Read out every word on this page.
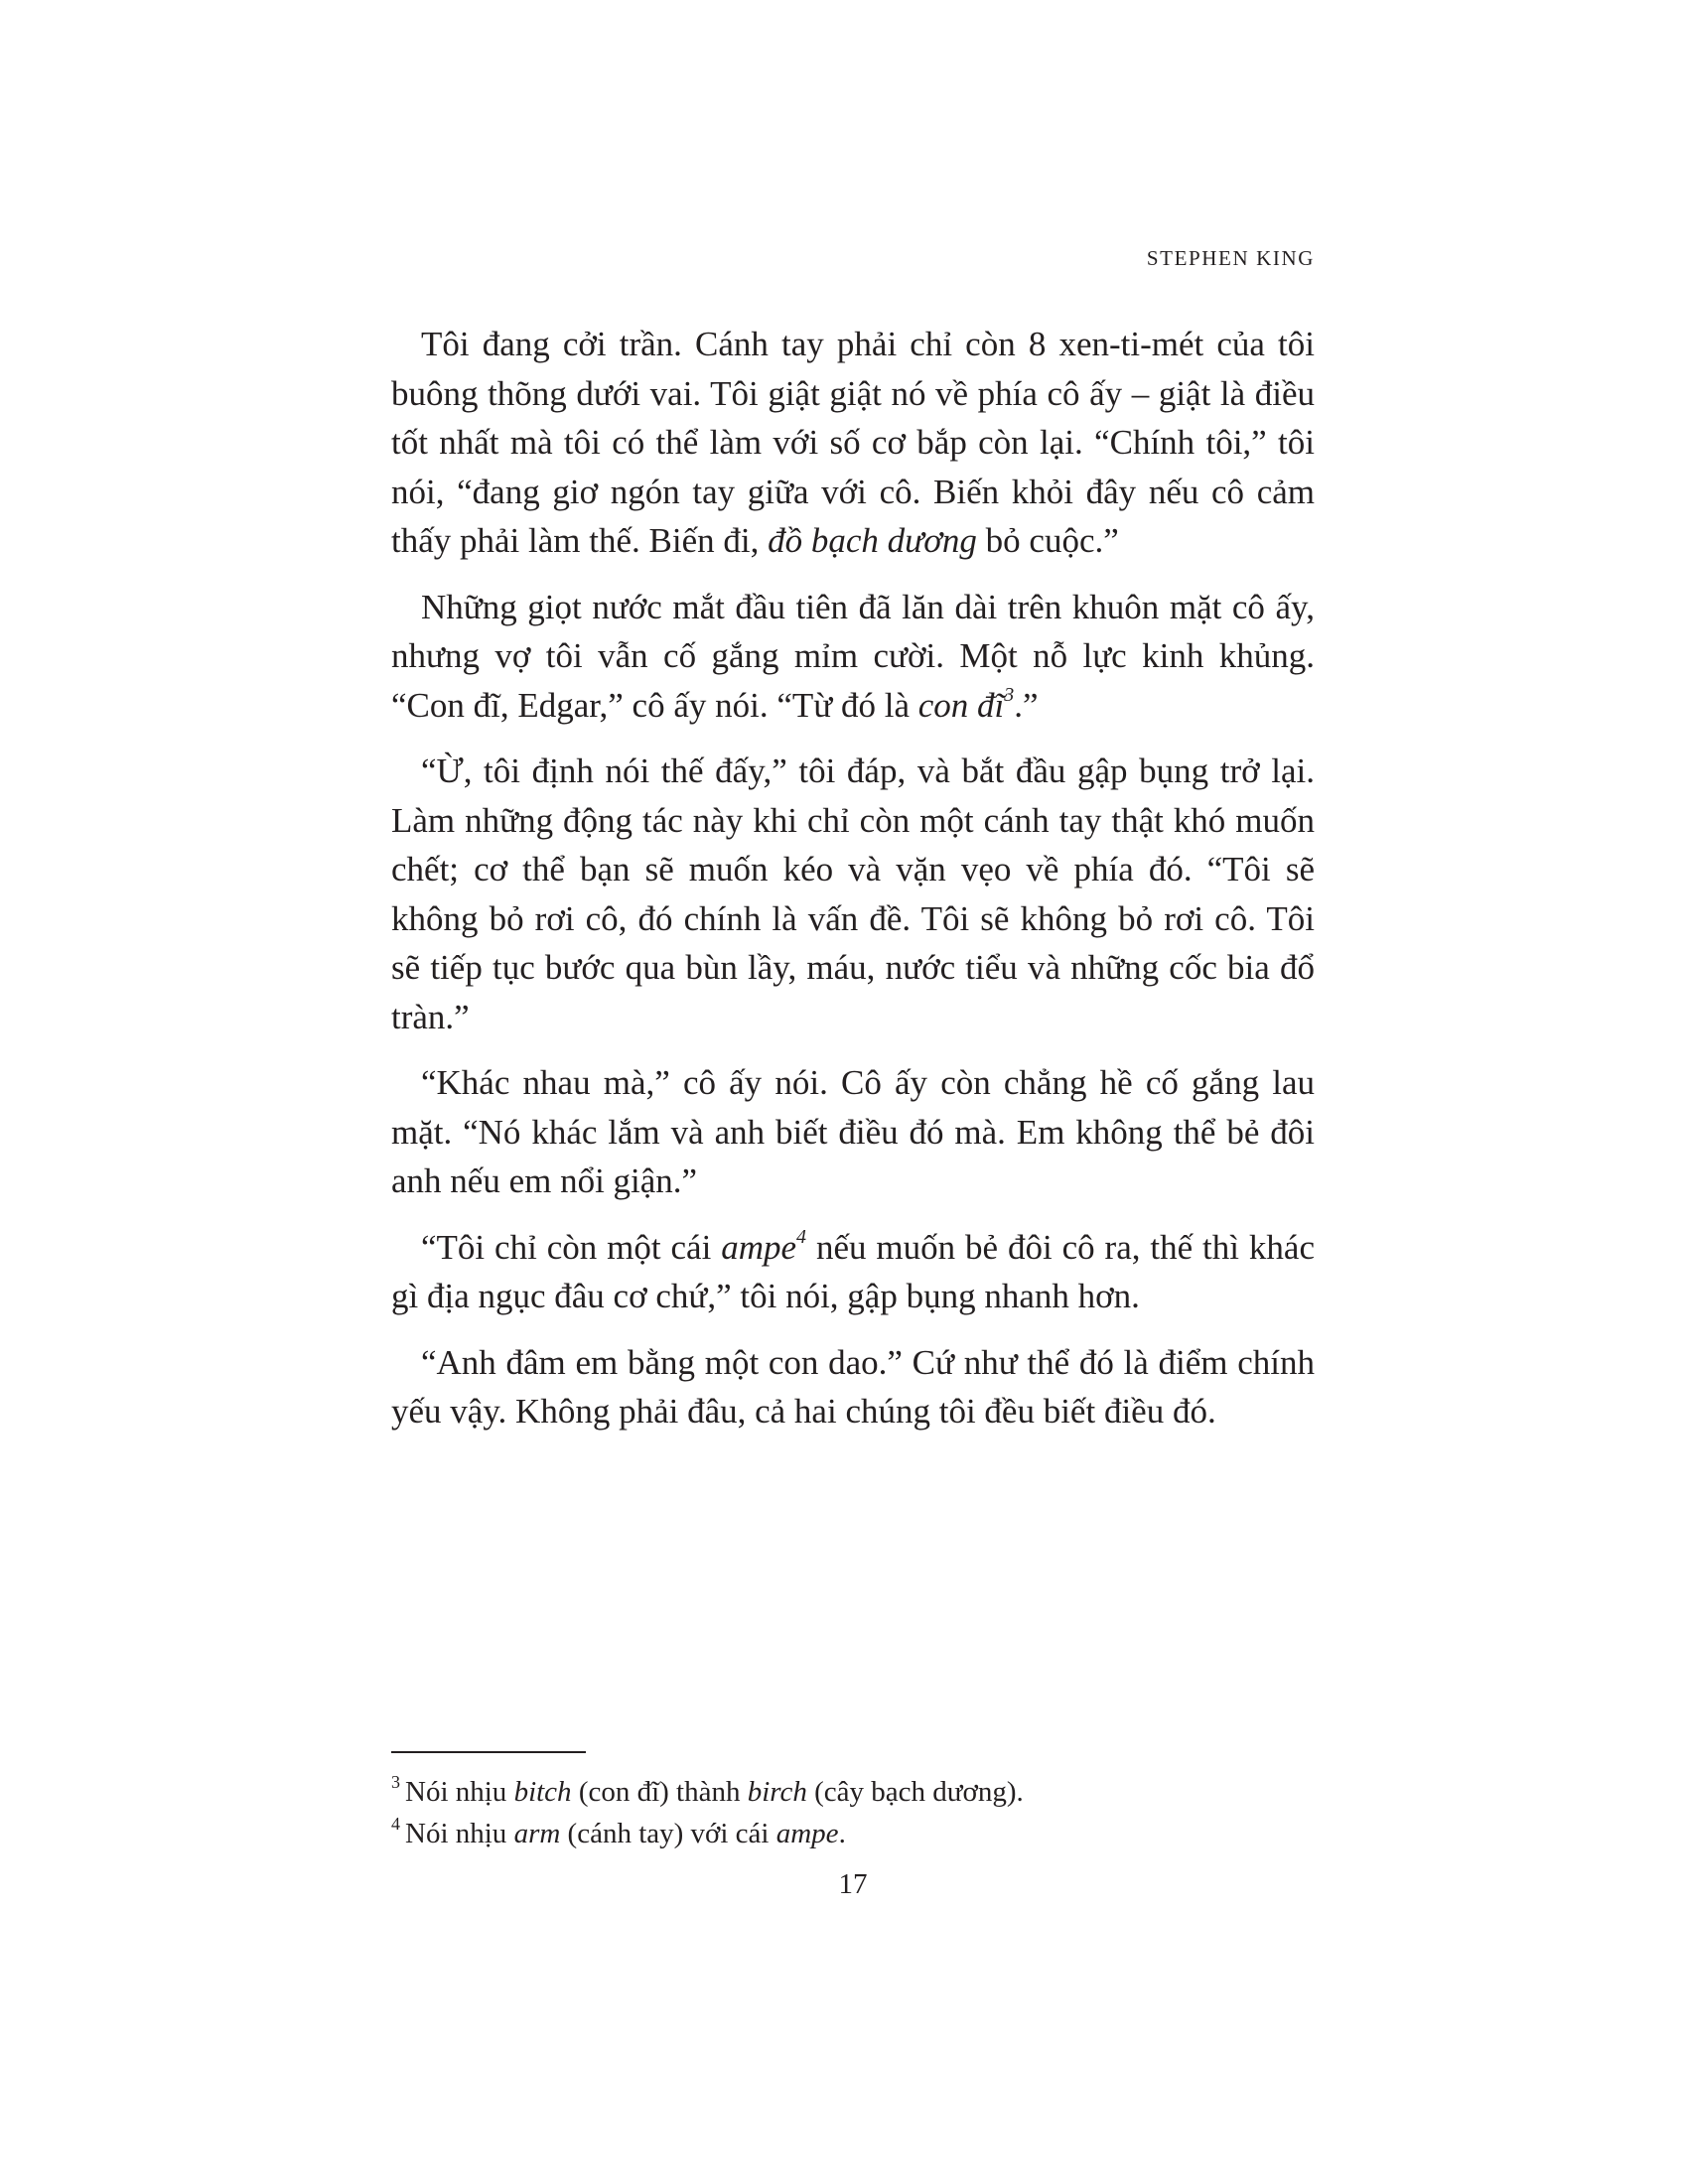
STEPHEN KING

Tôi đang cởi trần. Cánh tay phải chỉ còn 8 xen-ti-mét của tôi buông thõng dưới vai. Tôi giật giật nó về phía cô ấy – giật là điều tốt nhất mà tôi có thể làm với số cơ bắp còn lại. “Chính tôi,” tôi nói, “đang giơ ngón tay giữa với cô. Biến khỏi đây nếu cô cảm thấy phải làm thế. Biến đi, đồ bạch dương bỏ cuộc.”

Những giọt nước mắt đầu tiên đã lăn dài trên khuôn mặt cô ấy, nhưng vợ tôi vẫn cố gắng mỉm cười. Một nỗ lực kinh khủng. “Con đĩ, Edgar,” cô ấy nói. “Từ đó là con đĩ$^3$.”

“Ừ, tôi định nói thế đấy,” tôi đáp, và bắt đầu gập bụng trở lại. Làm những động tác này khi chỉ còn một cánh tay thật khó muốn chết; cơ thể bạn sẽ muốn kéo và vặn vẹo về phía đó. “Tôi sẽ không bỏ rơi cô, đó chính là vấn đề. Tôi sẽ không bỏ rơi cô. Tôi sẽ tiếp tục bước qua bùn lầy, máu, nước tiểu và những cốc bia đổ tràn.”

“Khác nhau mà,” cô ấy nói. Cô ấy còn chẳng hề cố gắng lau mặt. “Nó khác lắm và anh biết điều đó mà. Em không thể bẻ đôi anh nếu em nổi giận.”

“Tôi chỉ còn một cái ampe$^4$ nếu muốn bẻ đôi cô ra, thế thì khác gì địa ngục đâu cơ chứ,” tôi nói, gập bụng nhanh hơn.

“Anh đâm em bằng một con dao.” Cứ như thể đó là điểm chính yếu vậy. Không phải đâu, cả hai chúng tôi đều biết điều đó.

$^3$ Nói nhịu bitch (con đĩ) thành birch (cây bạch dương).

$^4$ Nói nhịu arm (cánh tay) với cái ampe.

17
